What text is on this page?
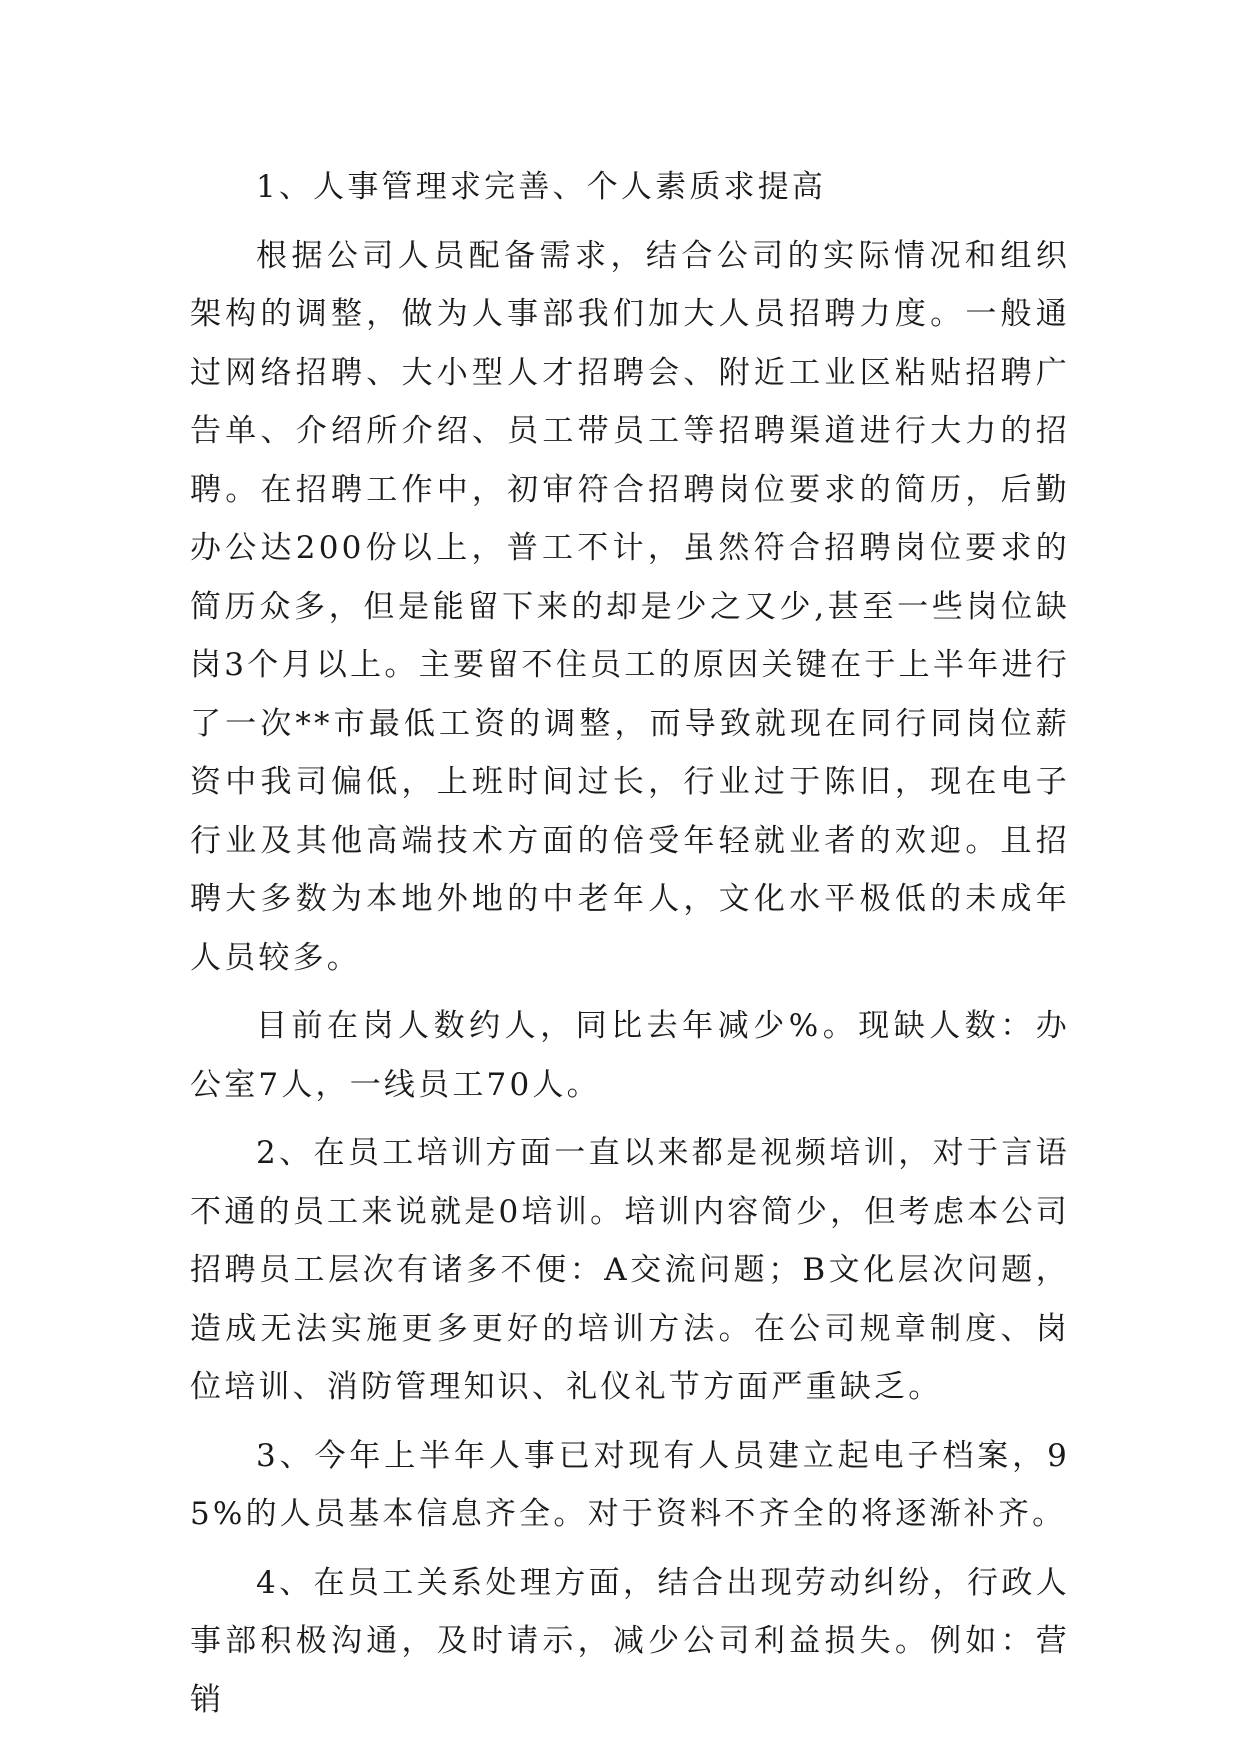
1、人事管理求完善、个人素质求提高

根据公司人员配备需求，结合公司的实际情况和组织架构的调整，做为人事部我们加大人员招聘力度。一般通过网络招聘、大小型人才招聘会、附近工业区粘贴招聘广告单、介绍所介绍、员工带员工等招聘渠道进行大力的招聘。在招聘工作中，初审符合招聘岗位要求的简历，后勤办公达200份以上，普工不计，虽然符合招聘岗位要求的简历众多，但是能留下来的却是少之又少,甚至一些岗位缺岗3个月以上。主要留不住员工的原因关键在于上半年进行了一次**市最低工资的调整，而导致就现在同行同岗位薪资中我司偏低，上班时间过长，行业过于陈旧，现在电子行业及其他高端技术方面的倍受年轻就业者的欢迎。且招聘大多数为本地外地的中老年人，文化水平极低的未成年人员较多。

目前在岗人数约人，同比去年减少%。现缺人数：办公室7人，一线员工70人。

2、在员工培训方面一直以来都是视频培训，对于言语不通的员工来说就是0培训。培训内容简少，但考虑本公司招聘员工层次有诸多不便：A交流问题；B文化层次问题，造成无法实施更多更好的培训方法。在公司规章制度、岗位培训、消防管理知识、礼仪礼节方面严重缺乏。

3、今年上半年人事已对现有人员建立起电子档案，95%的人员基本信息齐全。对于资料不齐全的将逐渐补齐。

4、在员工关系处理方面，结合出现劳动纠纷，行政人事部积极沟通，及时请示，减少公司利益损失。例如：营销
